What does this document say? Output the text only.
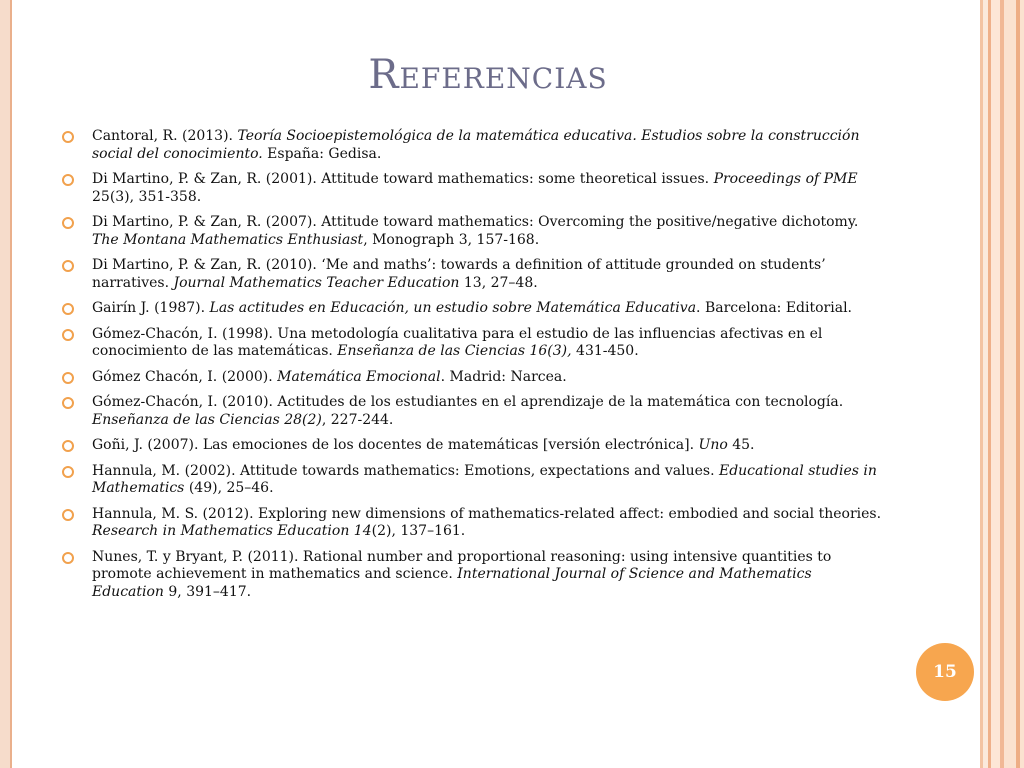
Referencias
Cantoral, R. (2013). Teoría Socioepistemológica de la matemática educativa. Estudios sobre la construcción social del conocimiento. España: Gedisa.
Di Martino, P. & Zan, R. (2001). Attitude toward mathematics: some theoretical issues. Proceedings of PME 25(3), 351-358.
Di Martino, P. & Zan, R. (2007). Attitude toward mathematics: Overcoming the positive/negative dichotomy. The Montana Mathematics Enthusiast, Monograph 3, 157-168.
Di Martino, P. & Zan, R. (2010). ‘Me and maths’: towards a definition of attitude grounded on students’ narratives. Journal Mathematics Teacher Education 13, 27–48.
Gairín J. (1987). Las actitudes en Educación, un estudio sobre Matemática Educativa. Barcelona: Editorial.
Gómez-Chacón, I. (1998). Una metodología cualitativa para el estudio de las influencias afectivas en el conocimiento de las matemáticas. Enseñanza de las Ciencias 16(3), 431-450.
Gómez Chacón, I. (2000). Matemática Emocional. Madrid: Narcea.
Gómez-Chacón, I. (2010). Actitudes de los estudiantes en el aprendizaje de la matemática con tecnología. Enseñanza de las Ciencias 28(2), 227-244.
Goñi, J. (2007). Las emociones de los docentes de matemáticas [versión electrónica]. Uno 45.
Hannula, M. (2002). Attitude towards mathematics: Emotions, expectations and values. Educational studies in Mathematics (49), 25–46.
Hannula, M. S. (2012). Exploring new dimensions of mathematics-related affect: embodied and social theories. Research in Mathematics Education 14(2), 137–161.
Nunes, T. y Bryant, P. (2011). Rational number and proportional reasoning: using intensive quantities to promote achievement in mathematics and science. International Journal of Science and Mathematics Education 9, 391–417.
15
